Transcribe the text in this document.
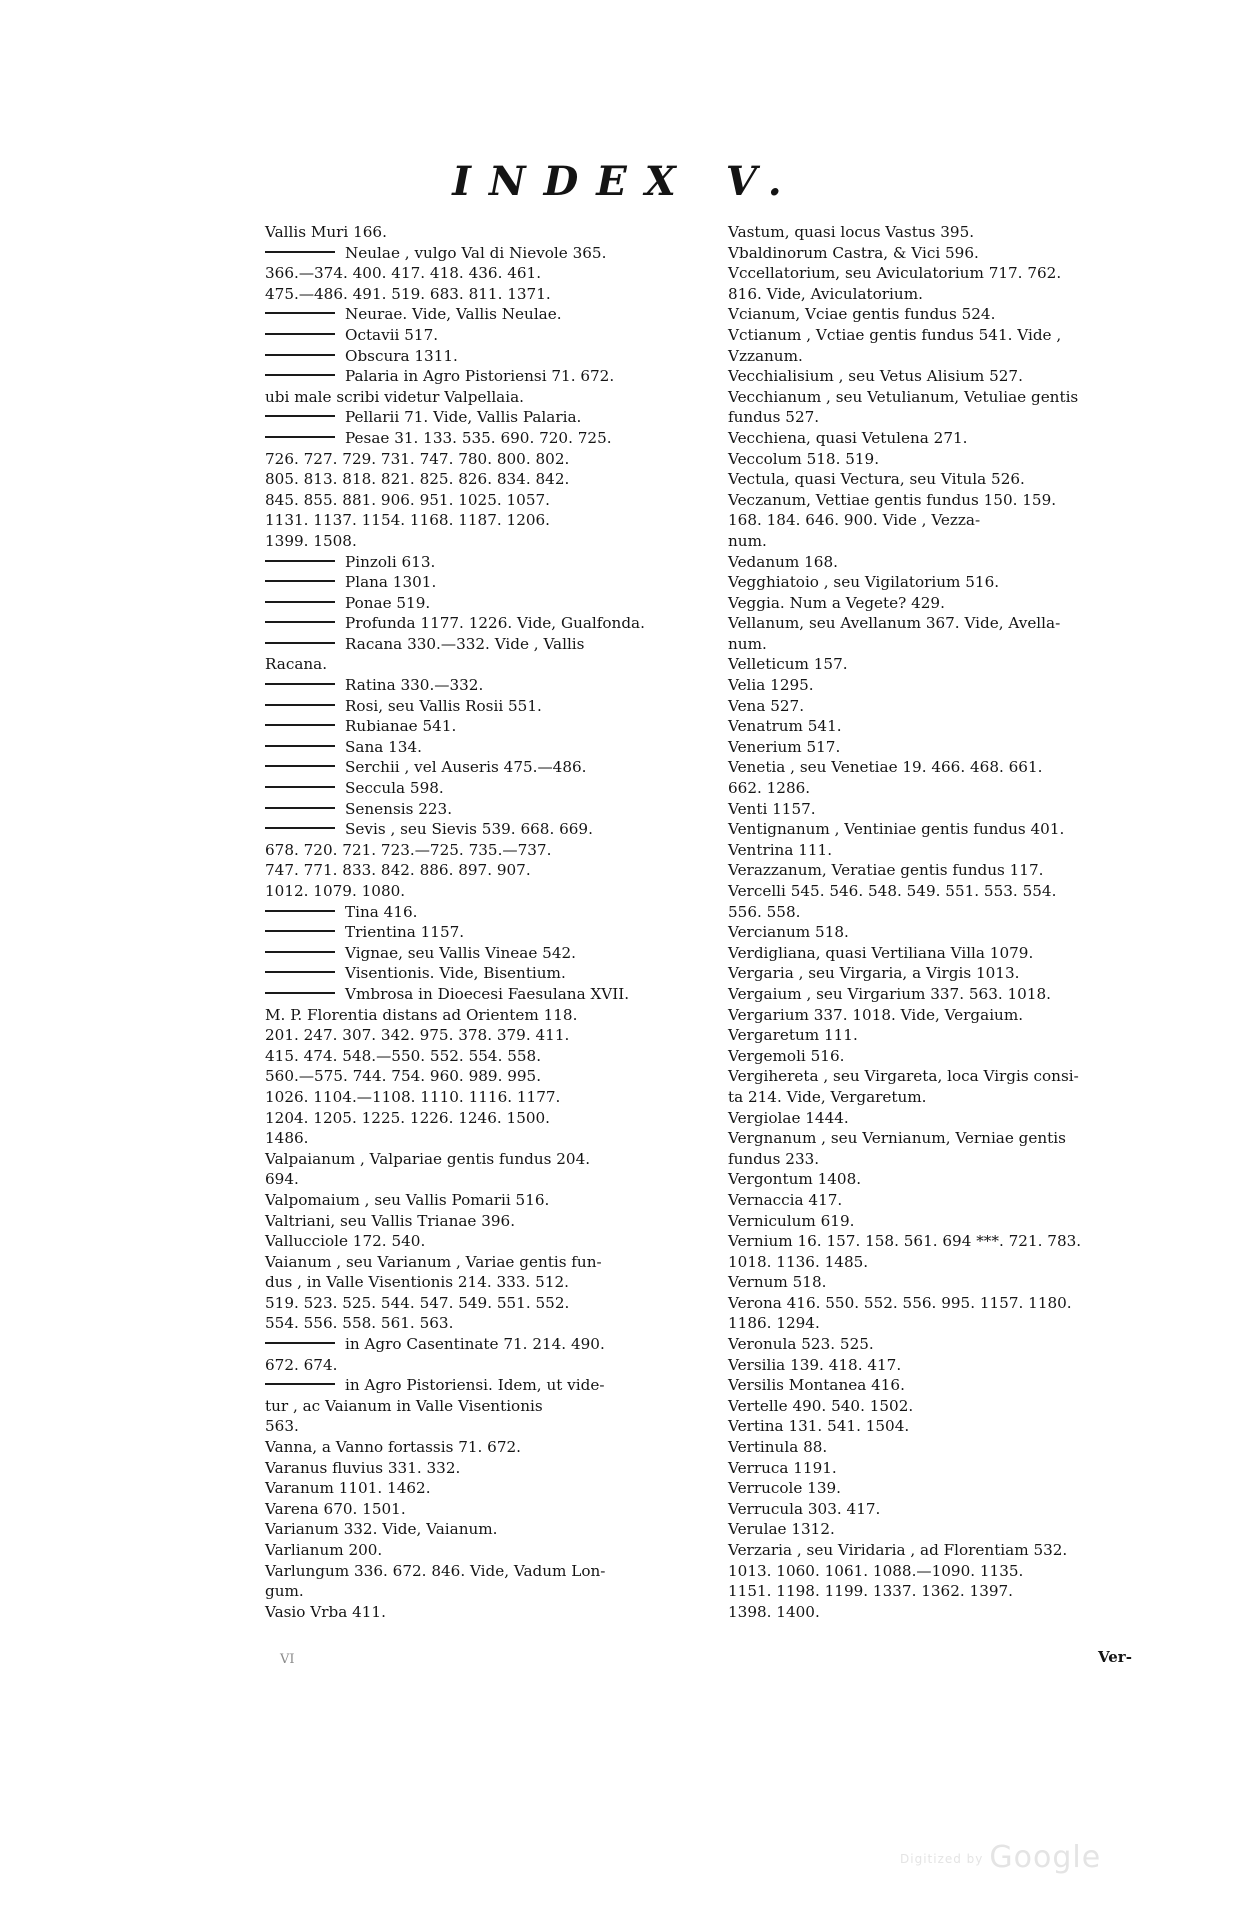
INDEX V.
Vallis Muri 166.
Neulae , vulgo Val di Nievole 365.
366.—374. 400. 417. 418. 436. 461.
475.—486. 491. 519. 683. 811. 1371.
Neurae. Vide, Vallis Neulae.
Octavii 517.
Obscura 1311.
Palaria in Agro Pistoriensi 71. 672.
ubi male scribi videtur Valpellaia.
Pellarii 71. Vide, Vallis Palaria.
Pesae 31. 133. 535. 690. 720. 725.
726. 727. 729. 731. 747. 780. 800. 802.
805. 813. 818. 821. 825. 826. 834. 842.
845. 855. 881. 906. 951. 1025. 1057.
1131. 1137. 1154. 1168. 1187. 1206.
1399. 1508.
Pinzoli 613.
Plana 1301.
Ponae 519.
Profunda 1177. 1226. Vide, Gualfonda.
Racana 330.—332. Vide , Vallis
Racana.
Ratina 330.—332.
Rosi, seu Vallis Rosii 551.
Rubianae 541.
Sana 134.
Serchii , vel Auseris 475.—486.
Seccula 598.
Senensis 223.
Sevis , seu Sievis 539. 668. 669.
678. 720. 721. 723.—725. 735.—737.
747. 771. 833. 842. 886. 897. 907.
1012. 1079. 1080.
Tina 416.
Trientina 1157.
Vignae, seu Vallis Vineae 542.
Visentionis. Vide, Bisentium.
Vmbrosa in Dioecesi Faesulana XVII.
M. P. Florentia distans ad Orientem 118.
201. 247. 307. 342. 975. 378. 379. 411.
415. 474. 548.—550. 552. 554. 558.
560.—575. 744. 754. 960. 989. 995.
1026. 1104.—1108. 1110. 1116. 1177.
1204. 1205. 1225. 1226. 1246. 1500.
1486.
Valpaianum , Valpariae gentis fundus 204.
694.
Valpomaium , seu Vallis Pomarii 516.
Valtriani, seu Vallis Trianae 396.
Vallucciole 172. 540.
Vaianum , seu Varianum , Variae gentis fun-
dus , in Valle Visentionis 214. 333. 512.
519. 523. 525. 544. 547. 549. 551. 552.
554. 556. 558. 561. 563.
in Agro Casentinate 71. 214. 490.
672. 674.
in Agro Pistoriensi. Idem, ut vide-
tur , ac Vaianum in Valle Visentionis
563.
Vanna, a Vanno fortassis 71. 672.
Varanus fluvius 331. 332.
Varanum 1101. 1462.
Varena 670. 1501.
Varianum 332. Vide, Vaianum.
Varlianum 200.
Varlungum 336. 672. 846. Vide, Vadum Lon-
gum.
Vasio Vrba 411.
Vastum, quasi locus Vastus 395.
Vbaldinorum Castra, & Vici 596.
Vccellatorium, seu Aviculatorium 717. 762.
816. Vide, Aviculatorium.
Vcianum, Vciae gentis fundus 524.
Vctianum , Vctiae gentis fundus 541. Vide ,
Vzzanum.
Vecchialisium , seu Vetus Alisium 527.
Vecchianum , seu Vetulianum, Vetuliae gentis
fundus 527.
Vecchiena, quasi Vetulena 271.
Veccolum 518. 519.
Vectula, quasi Vectura, seu Vitula 526.
Veczanum, Vettiae gentis fundus 150. 159.
168. 184. 646. 900. Vide , Vezza-
num.
Vedanum 168.
Vegghiatoio , seu Vigilatorium 516.
Veggia. Num a Vegete? 429.
Vellanum, seu Avellanum 367. Vide, Avella-
num.
Velleticum 157.
Velia 1295.
Vena 527.
Venatrum 541.
Venerium 517.
Venetia , seu Venetiae 19. 466. 468. 661.
662. 1286.
Venti 1157.
Ventignanum , Ventiniae gentis fundus 401.
Ventrina 111.
Verazzanum, Veratiae gentis fundus 117.
Vercelli 545. 546. 548. 549. 551. 553. 554.
556. 558.
Vercianum 518.
Verdigliana, quasi Vertiliana Villa 1079.
Vergaria , seu Virgaria, a Virgis 1013.
Vergaium , seu Virgarium 337. 563. 1018.
Vergarium 337. 1018. Vide, Vergaium.
Vergaretum 111.
Vergemoli 516.
Vergihereta , seu Virgareta, loca Virgis consi-
ta 214. Vide, Vergaretum.
Vergiolae 1444.
Vergnanum , seu Vernianum, Verniae gentis
fundus 233.
Vergontum 1408.
Vernaccia 417.
Verniculum 619.
Vernium 16. 157. 158. 561. 694 ***. 721. 783.
1018. 1136. 1485.
Vernum 518.
Verona 416. 550. 552. 556. 995. 1157. 1180.
1186. 1294.
Veronula 523. 525.
Versilia 139. 418. 417.
Versilis Montanea 416.
Vertelle 490. 540. 1502.
Vertina 131. 541. 1504.
Vertinula 88.
Verruca 1191.
Verrucole 139.
Verrucula 303. 417.
Verulae 1312.
Verzaria , seu Viridaria , ad Florentiam 532.
1013. 1060. 1061. 1088.—1090. 1135.
1151. 1198. 1199. 1337. 1362. 1397.
1398. 1400.
VI	Ver-
Digitized by Google
